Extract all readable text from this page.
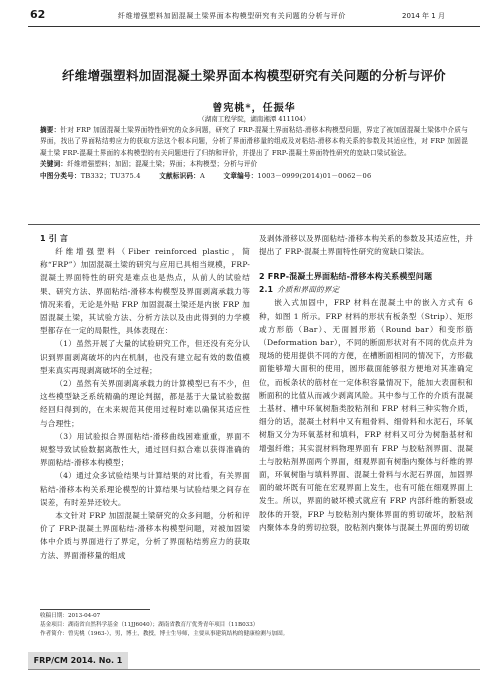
62	纤维增强塑料加固混凝土梁界面本构模型研究有关问题的分析与评价	2014 年 1 月
纤维增强塑料加固混凝土梁界面本构模型研究有关问题的分析与评价
曾宪桃*，任振华
（湖南工程学院，湖南湘潭 411104）
摘要：针对 FRP 加固混凝土梁界面特性研究的众多问题，研究了 FRP-混凝土界面粘结-滑移本构模型问题，界定了被加固混凝土梁体中介质与界面，找出了界面粘结剪应力的获取方法这个根本问题，分析了界面滑移量的组成及对粘结-滑移本构关系的参数及其适应性，对 FRP 加固混凝土梁 FRP-混凝土界面的本构模型的有关问题进行了归纳和评价，并提出了 FRP-混凝土界面特性研究的宽缺口梁试验法。
关键词：纤维增强塑料；加固；混凝土梁；界面；本构模型；分析与评价
中图分类号：TB332；TU375.4	文献标识码：A	文章编号：1003－0999(2014)01－0062－06
1 引 言

纤维增强塑料（Fiber reinforced plastic，简称“FRP”）加固混凝土梁的研究与应用已具相当规模，FRP-混凝土界面特性的研究是难点也是热点，从前人的试验结果、研究方法、界面粘结-滑移本构模型及界面剥离承载力等情况来看，无论是外贴 FRP 加固混凝土梁还是内嵌 FRP 加固混凝土梁，其试验方法、分析方法以及由此得到的力学模型都存在一定的局限性，具体表现在：

（1）虽然开展了大量的试验研究工作，但还没有充分认识到界面剥离破坏的内在机制，也没有建立起有效的数值模型来真实再现剥离破坏的全过程；

（2）虽然有关界面剥离承载力的计算模型已有不少，但这些模型缺乏系统精确的理论判据，都是基于大量试验数据经回归得到的，在未来规范其使用过程时难以确保其适应性与合理性；

（3）用试验拟合界面粘结-滑移曲线困难重重，界面不规整导致试验数据离散性大，通过回归拟合难以获得准确的界面粘结-滑移本构模型；

（4）通过众多试验结果与计算结果的对比看，有关界面粘结-滑移本构关系理论模型的计算结果与试验结果之间存在误差，有时差异还较大。

本文针对 FRP 加固混凝土梁研究的众多问题，分析和评价了 FRP-混凝土界面粘结-滑移本构模型问题，对被加固梁体中介质与界面进行了界定，分析了界面粘结剪应力的获取方法、界面滑移量的组成

及剥体滑移以及界面粘结-滑移本构关系的参数及其适应性，并提出了 FRP-混凝土界面特性研究的宽缺口梁法。

2 FRP-混凝土界面粘结-滑移本构关系模型问题
2.1 介质和界面的界定

嵌入式加固中，FRP 材料在混凝土中的嵌入方式有 6 种，如图 1 所示。FRP 材料的形状有板条型（Strip）、矩形或方形筋（Bar）、无面圆形筋（Round bar）和变形筋（Deformation bar），不同的断面形状对有不同的优点并为现场的使用提供不同的方便，在槽断面相同的情况下，方形截面能够增大面积的使用，圆形截面能够很方便地对其准确定位，而板条状的筋材在一定体积容量情况下，能加大表面积和断面积的比值从而减少剥离风险。其中参与工作的介质有混凝土基材、槽中环氧树脂类胶粘剂和 FRP 材料三种实物介质，细分的话，混凝土材料中又有粗骨料、细骨料和水泥石，环氧树脂又分为环氧基材和填料，FRP 材料又可分为树脂基材和增强纤维；其实混材料物理界面有 FRP 与胶粘剂界面、混凝土与胶粘剂界面两个界面，细观界面有树脂内聚体与纤维的界面，环氧树脂与填料界面、混凝土骨料与水泥石界面，加固界面的破坏既有可能在宏观界面上发生，也有可能在细观界面上发生。所以，界面的破坏模式就应有 FRP 内部纤维的断裂或胶体的开裂，FRP 与胶粘剂内聚体界面的剪切破坏，胶粘剂内聚体本身的剪切拉裂，胶粘剂内聚体与混凝土界面的剪切破

收稿日期：2013-04-07
基金项目：湖南省自然科学基金（11JJ6040）；湖南省教育厅优秀青年项目（11B033）
作者简介：曾宪桃（1963-），男，博士，教授，博士生导师，主要从事建筑结构的健康检测与加固。
FRP/CM 2014. No. 1
